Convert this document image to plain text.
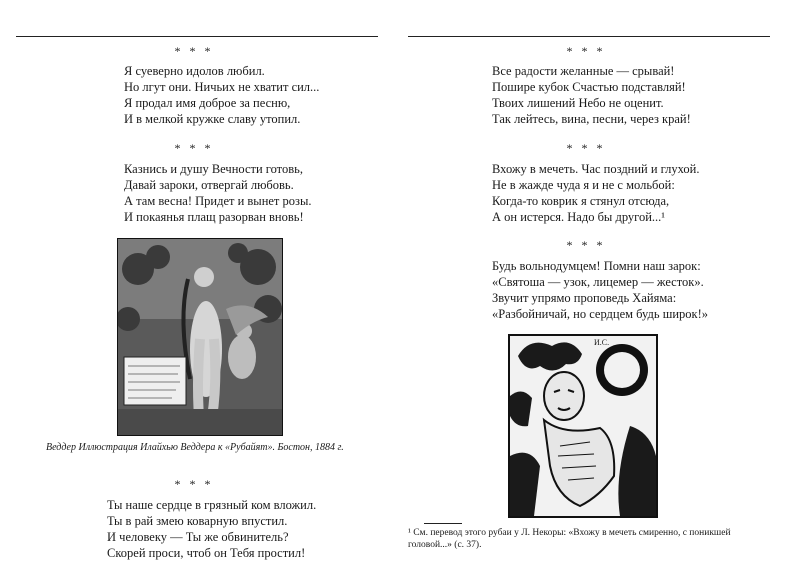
* * *
Я суеверно идолов любил.
Но лгут они. Ничьих не хватит сил...
Я продал имя доброе за песню,
И в мелкой кружке славу утопил.
* * *
Казнись и душу Вечности готовь,
Давай зароки, отвергай любовь.
А там весна! Придет и вынет розы.
И покаянья плащ разорван вновь!
Веддер Иллюстрация Илайхью Веддера к «Рубайят». Бостон, 1884 г.
* * *
Ты наше сердце в грязный ком вложил.
Ты в рай змею коварную впустил.
И человеку — Ты же обвинитель?
Скорей проси, чтоб он Тебя простил!
* * *
Все радости желанные — срывай!
Пошире кубок Счастью подставляй!
Твоих лишений Небо не оценит.
Так лейтесь, вина, песни, через край!
* * *
Вхожу в мечеть. Час поздний и глухой.
Не в жажде чуда я и не с мольбой:
Когда-то коврик я стянул отсюда,
А он истерся. Надо бы другой...¹
* * *
Будь вольнодумцем! Помни наш зарок:
«Святоша — узок, лицемер — жесток».
Звучит упрямо проповедь Хайяма:
«Разбойничай, но сердцем будь широк!»
И.С.
¹ См. перевод этого рубаи у Л. Некоры: «Вхожу в мечеть смиренно, с поникшей головой...» (с. 37).
